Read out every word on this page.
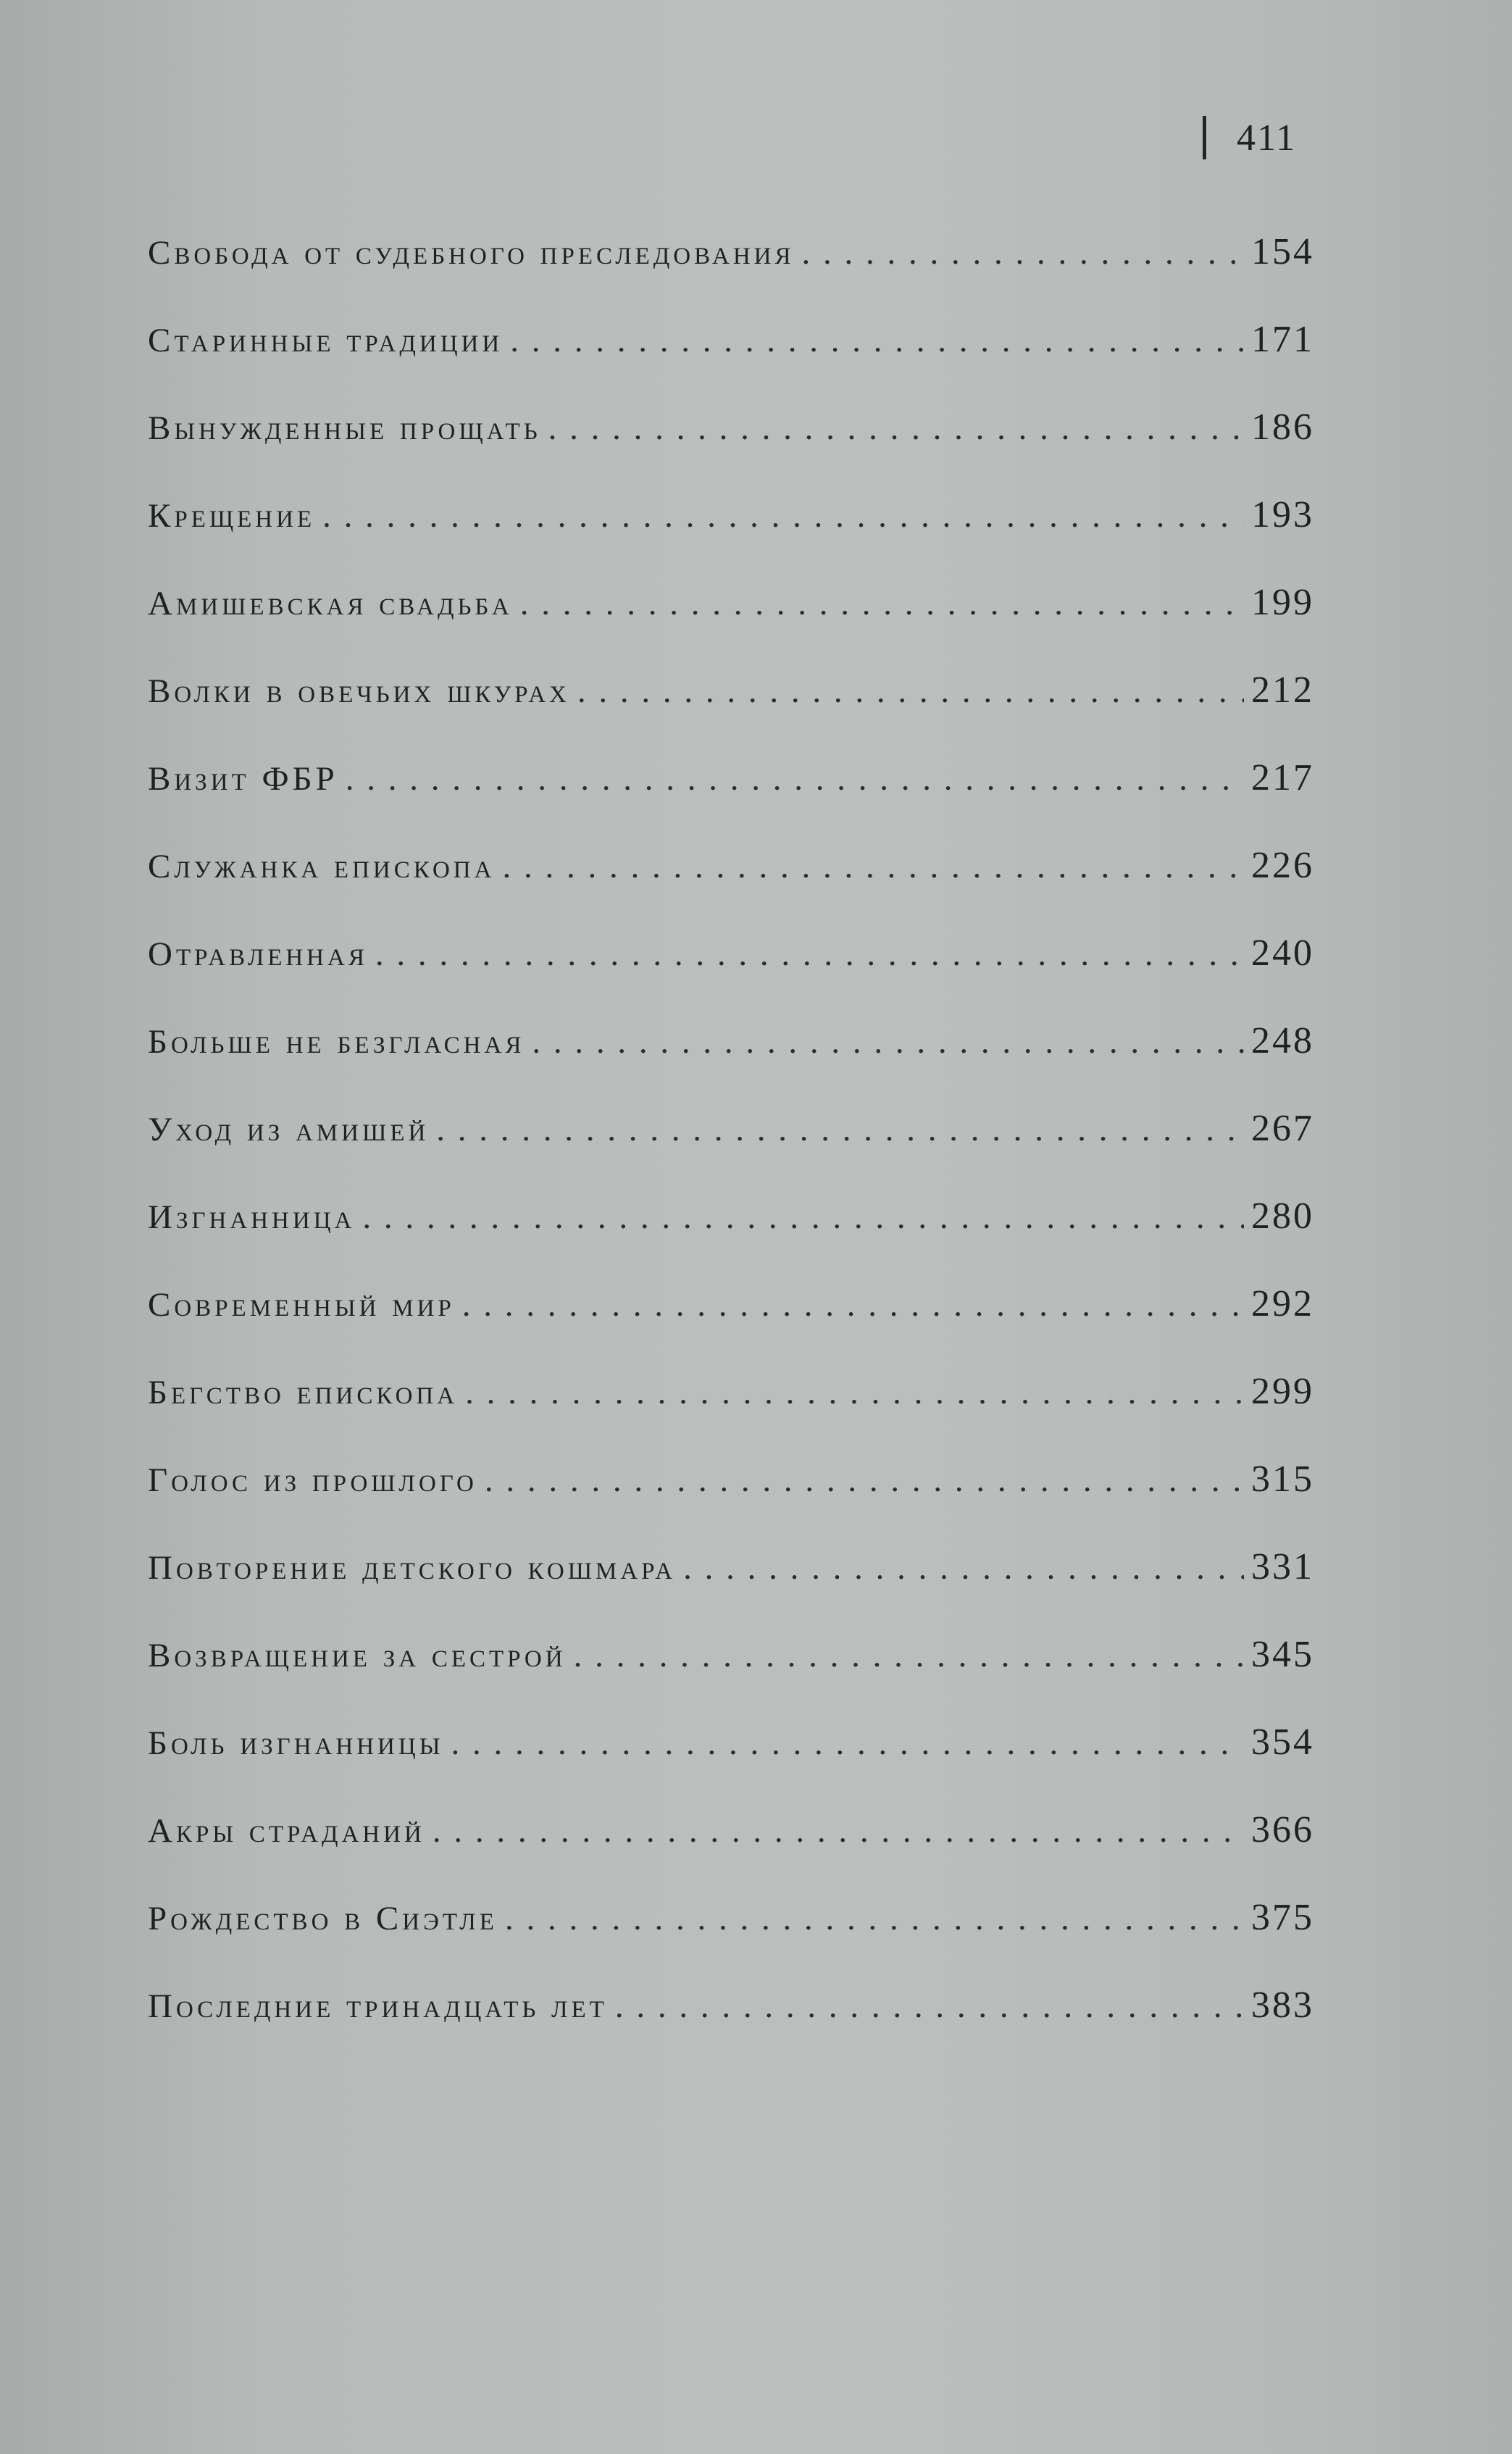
411
Свобода от судебного преследования . . .	154
Старинные традиции . . .	171
Вынужденные прощать . . .	186
Крещение . . .	193
Амишевская свадьба . . .	199
Волки в овечьих шкурах . . .	212
Визит ФБР . . .	217
Служанка епископа . . .	226
Отравленная . . .	240
Больше не безгласная . . .	248
Уход из амишей . . .	267
Изгнанница . . .	280
Современный мир . . .	292
Бегство епископа . . .	299
Голос из прошлого . . .	315
Повторение детского кошмара . . .	331
Возвращение за сестрой . . .	345
Боль изгнанницы . . .	354
Акры страданий . . .	366
Рождество в Сиэтле . . .	375
Последние тринадцать лет . . .	383
